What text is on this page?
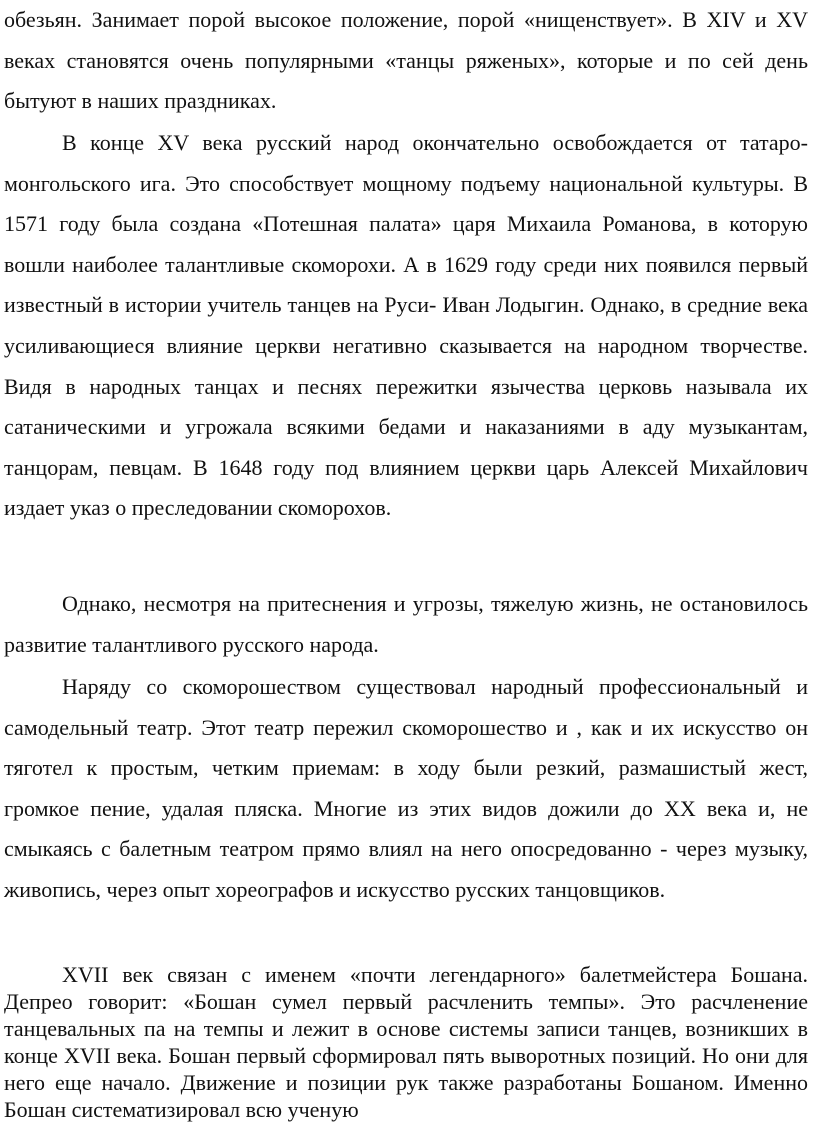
обезьян. Занимает порой высокое положение, порой «нищенствует». В XIV и XV веках становятся очень популярными «танцы ряженых», которые и по сей день бытуют в наших праздниках.

В конце XV века русский народ окончательно освобождается от татаро-монгольского ига. Это способствует мощному подъему национальной культуры. В 1571 году была создана «Потешная палата» царя Михаила Романова, в которую вошли наиболее талантливые скоморохи. А в 1629 году среди них появился первый известный в истории учитель танцев на Руси- Иван Лодыгин. Однако, в средние века усиливающиеся влияние церкви негативно сказывается на народном творчестве. Видя в народных танцах и песнях пережитки язычества церковь называла их сатаническими и угрожала всякими бедами и наказаниями в аду музыкантам, танцорам, певцам. В 1648 году под влиянием церкви царь Алексей Михайлович издает указ о преследовании скоморохов.

Однако, несмотря на притеснения и угрозы, тяжелую жизнь, не остановилось развитие талантливого русского народа.

Наряду со скоморошеством существовал народный профессиональный и самодельный театр. Этот театр пережил скоморошество и , как и их искусство он тяготел к простым, четким приемам: в ходу были резкий, размашистый жест, громкое пение, удалая пляска. Многие из этих видов дожили до XX века и, не смыкаясь с балетным театром прямо влиял на него опосредованно - через музыку, живопись, через опыт хореографов и искусство русских танцовщиков.

XVII век связан с именем «почти легендарного» балетмейстера Бошана. Депрео говорит: «Бошан сумел первый расчленить темпы». Это расчленение танцевальных па на темпы и лежит в основе системы записи танцев, возникших в конце XVII века. Бошан первый сформировал пять выворотных позиций. Но они для него еще начало. Движение и позиции рук также разработаны Бошаном. Именно Бошан систематизировал всю ученую
